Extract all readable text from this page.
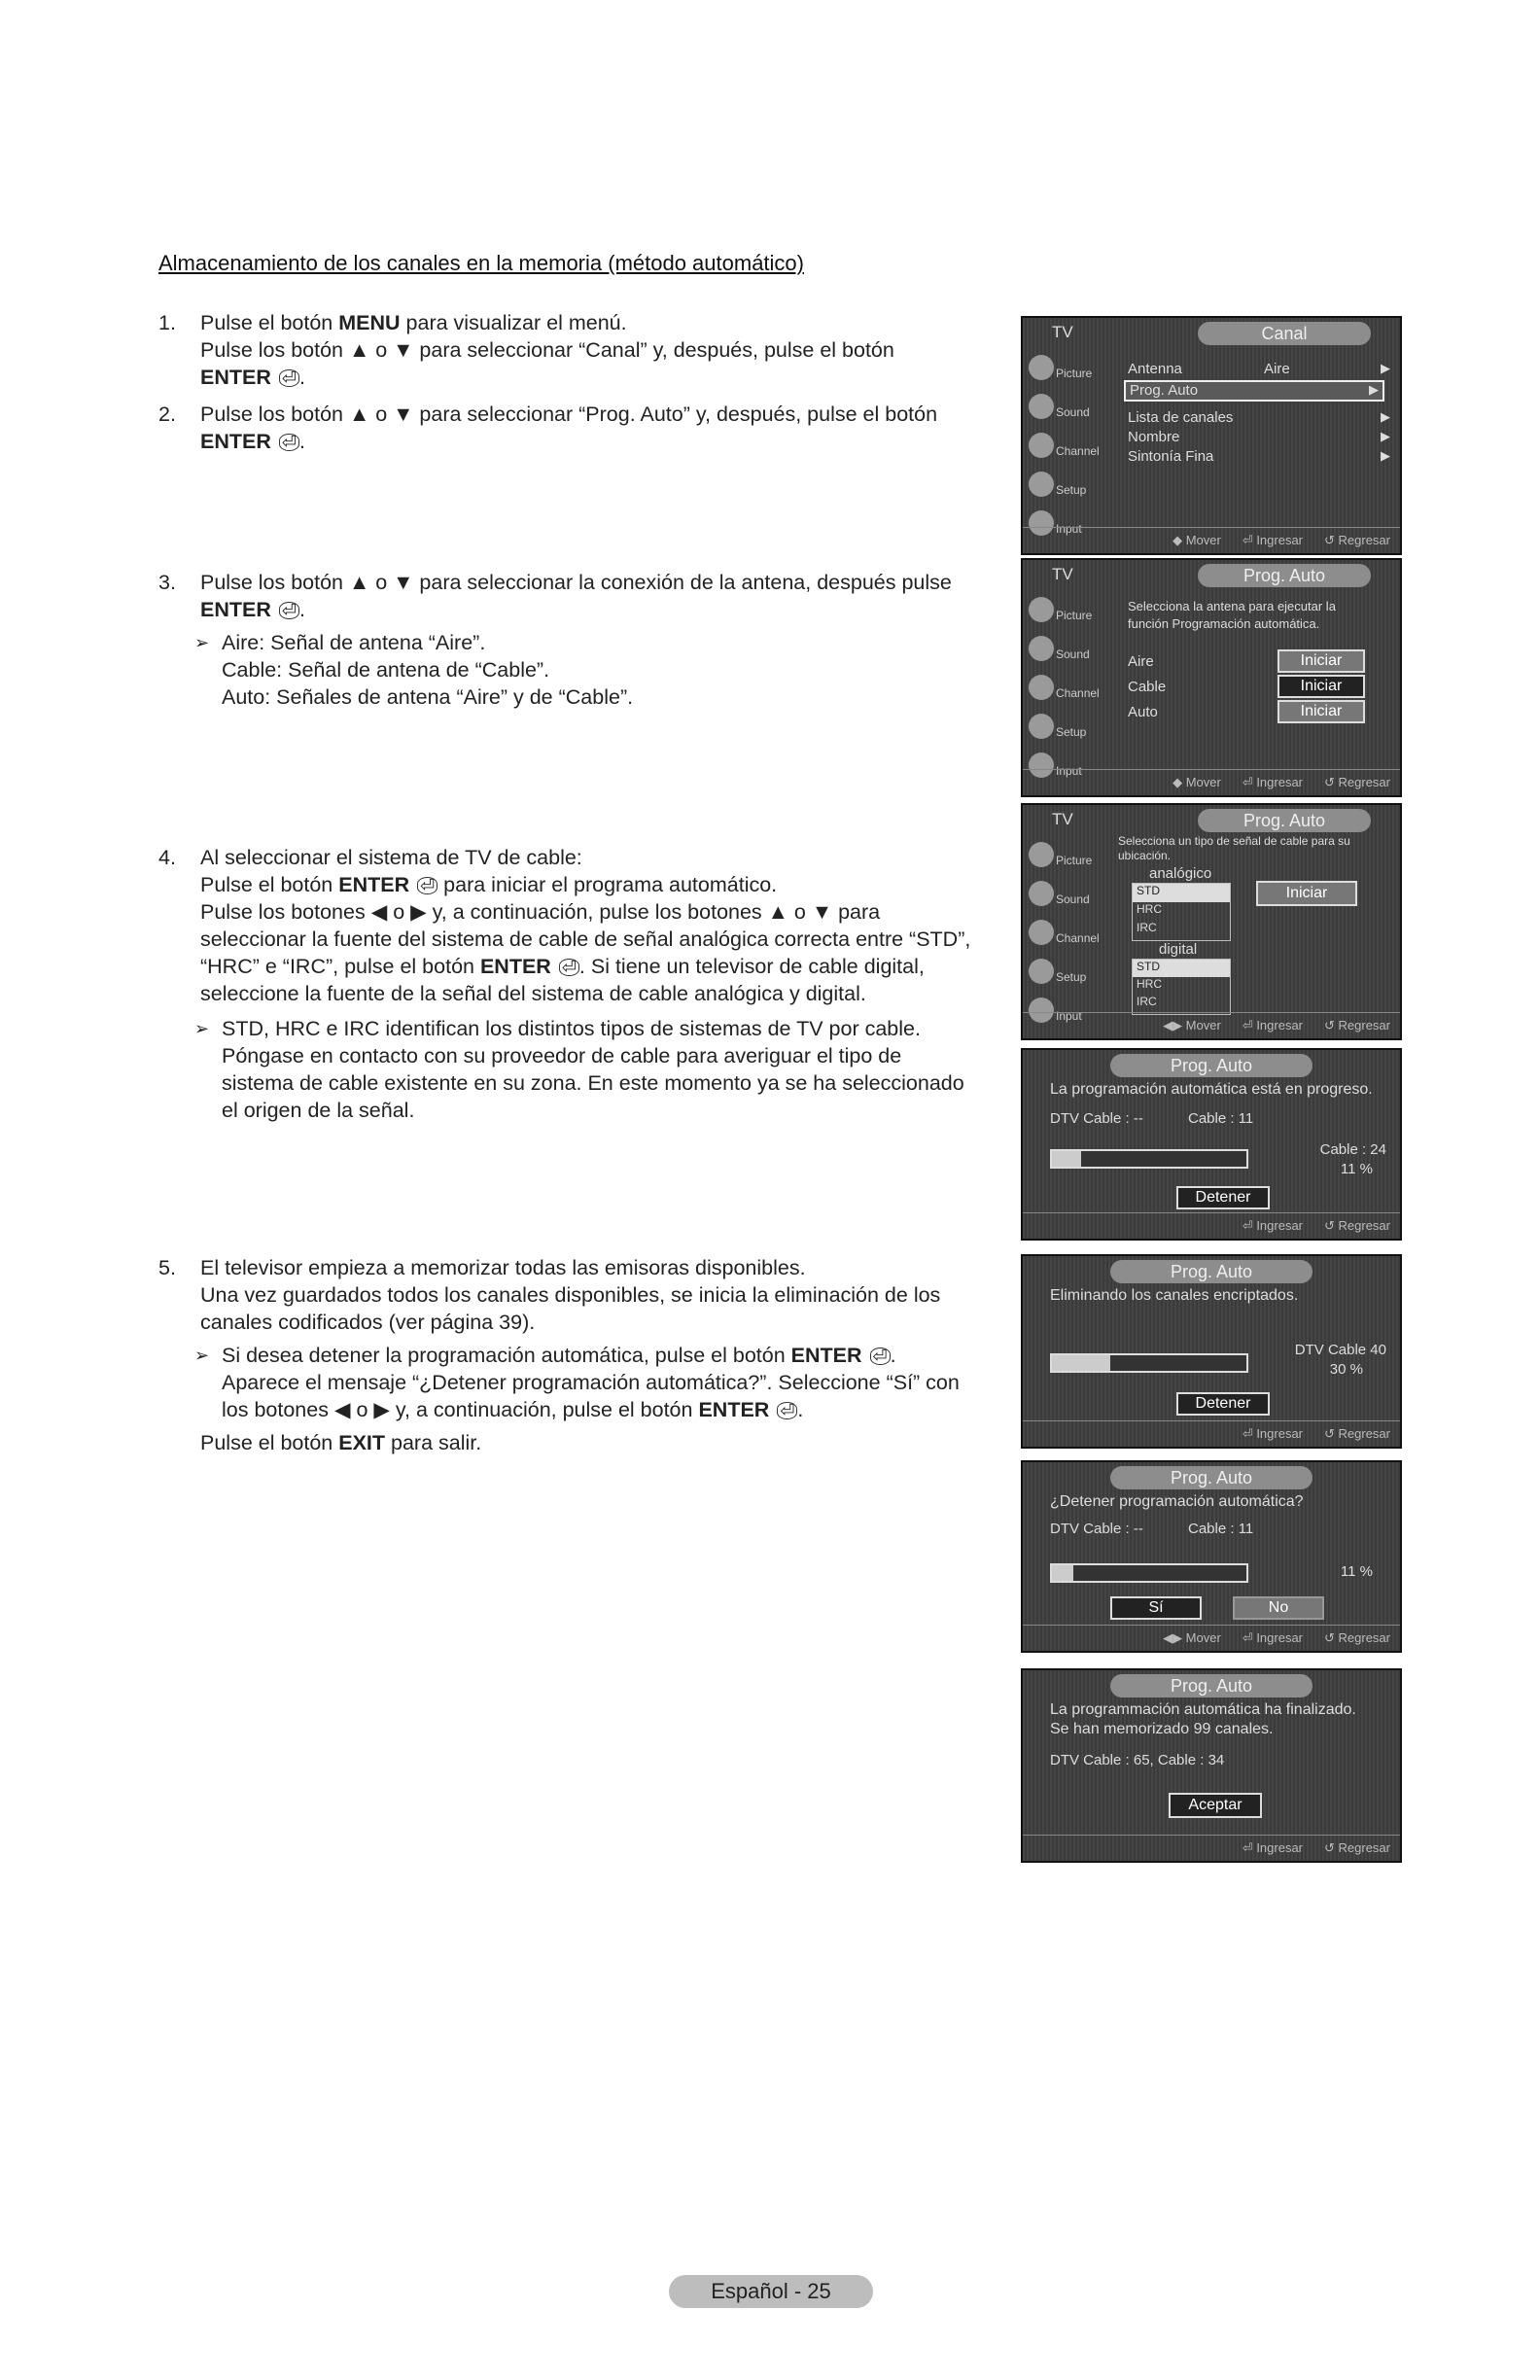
Almacenamiento de los canales en la memoria (método automático)
1. Pulse el botón MENU para visualizar el menú.

Pulse los botón ▲ o ▼ para seleccionar “Canal” y, después, pulse el botón

ENTER ⏎ .

2. Pulse los botón ▲ o ▼ para seleccionar “Prog. Auto” y, después, pulse el botón

ENTER ⏎ .

3. Pulse los botón ▲ o ▼ para seleccionar la conexión de la antena, después pulse

ENTER ⏎ .

➢ Aire: Señal de antena “Aire”.

Cable: Señal de antena de “Cable”.

Auto: Señales de antena “Aire” y de “Cable”.

4. Al seleccionar el sistema de TV de cable:

Pulse el botón ENTER ⏎ para iniciar el programa automático.

Pulse los botones ◀ o ▶ y, a continuación, pulse los botones ▲ o ▼ para

seleccionar la fuente del sistema de cable de señal analógica correcta entre “STD”,

“HRC” e “IRC”, pulse el botón ENTER ⏎ . Si tiene un televisor de cable digital,

seleccione la fuente de la señal del sistema de cable analógica y digital.

➢ STD, HRC e IRC identifican los distintos tipos de sistemas de TV por cable.

Póngase en contacto con su proveedor de cable para averiguar el tipo de

sistema de cable existente en su zona. En este momento ya se ha seleccionado

el origen de la señal.

5. El televisor empieza a memorizar todas las emisoras disponibles.

Una vez guardados todos los canales disponibles, se inicia la eliminación de los

canales codificados (ver página 39).

➢ Si desea detener la programación automática, pulse el botón ENTER ⏎ .

Aparece el mensaje “¿Detener programación automática?”. Seleccione “Sí” con

los botones ◀ o ▶ y, a continuación, pulse el botón ENTER ⏎ .

Pulse el botón EXIT para salir.

TV	Canal
Picture
Sound
Channel
Setup
Input
Antenna	Aire	▶
Prog. Auto	▶
Lista de canales	▶
Nombre	▶
Sintonía Fina	▶
◆ Mover ⏎ Ingresar ↺ Regresar
TV	Prog. Auto
Picture
Sound
Channel
Setup
Input
Selecciona la antena para ejecutar la
función Programación automática.
Aire
Cable
Auto
Iniciar
Iniciar
Iniciar
◆ Mover ⏎ Ingresar ↺ Regresar
TV	Prog. Auto
Picture
Sound
Channel
Setup
Input
Selecciona un tipo de señal de cable para su
ubicación.
analógico
STD
HRC
IRC
digital
STD
HRC
IRC
Iniciar
◀▶ Mover ⏎ Ingresar ↺ Regresar
Prog. Auto
La programación automática está en progreso.
DTV Cable : --	Cable : 11
Cable : 24
11 %
Detener
⏎ Ingresar ↺ Regresar
Prog. Auto
Eliminando los canales encriptados.
DTV Cable 40
30 %
Detener
⏎ Ingresar ↺ Regresar
Prog. Auto
¿Detener programación automática?
DTV Cable : --	Cable : 11
11 %
Sí	No
◀▶ Mover ⏎ Ingresar ↺ Regresar
Prog. Auto
La programmación automática ha finalizado.
Se han memorizado 99 canales.
DTV Cable : 65, Cable : 34
Aceptar
⏎ Ingresar ↺ Regresar
Español - 25
